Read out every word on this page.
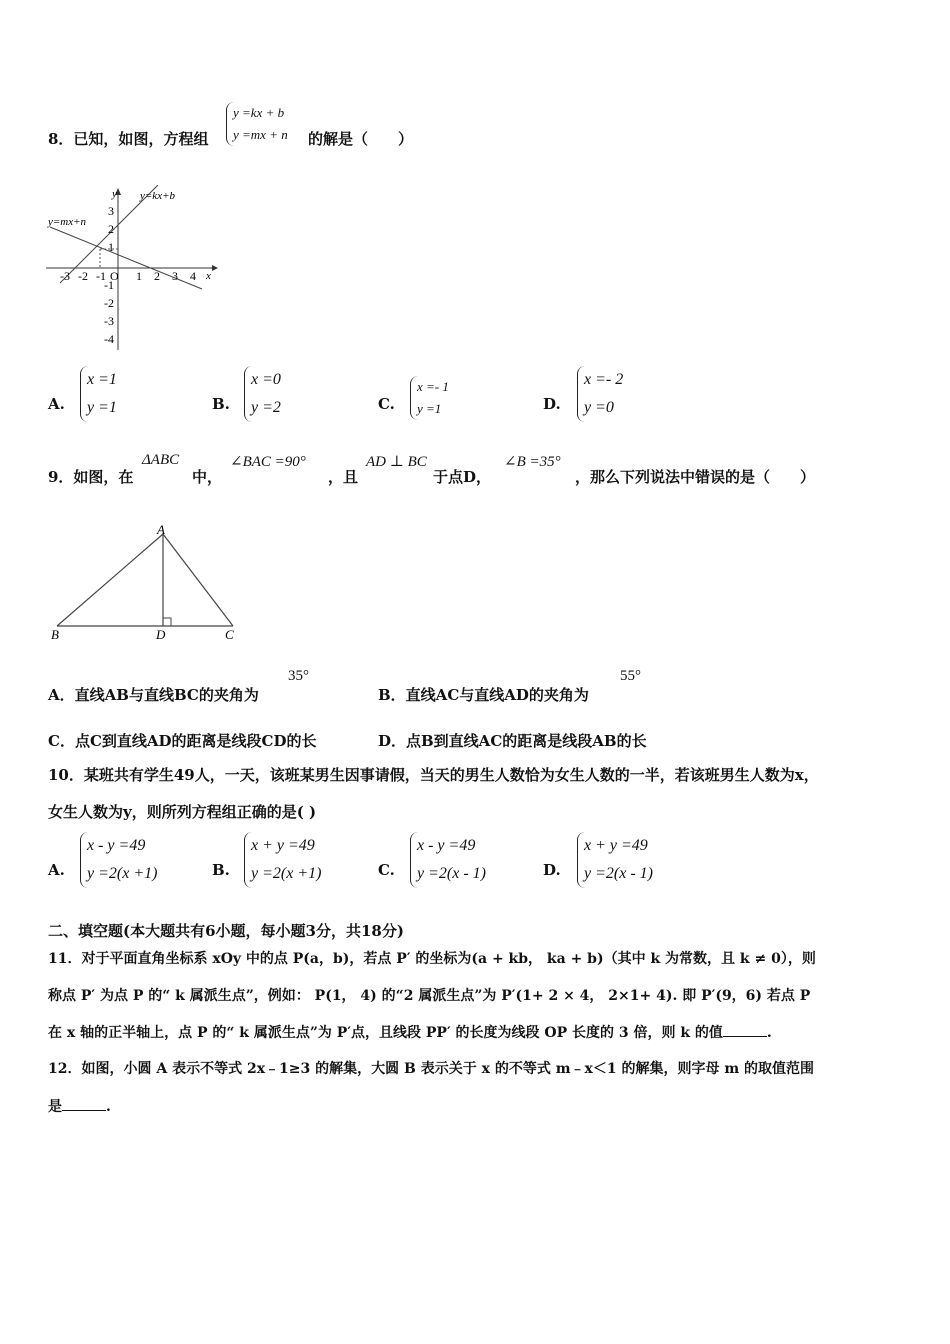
8．已知，如图，方程组
y =kx + b
y =mx + n 的解是（　　）
y=kx+b
y=mx+n
y
x
O
-3 -2 -1	1 2 3 4
3
2
1
-1
-2
-3
-4
A.
x =1
y =1	B.
x =0
y =2	C.
x =- 1
y =1	D.
x =- 2
y =0
9．如图，在
ΔABC
中，
∠BAC =90°
，且
AD ⊥ BC
于点D，
∠B =35°
，那么下列说法中错误的是（　　）
A
B	D	C
A．直线AB与直线BC的夹角为
35°
B．直线AC与直线AD的夹角为
55°
C．点C到直线AD的距离是线段CD的长	D．点B到直线AC的距离是线段AB的长
10．某班共有学生49人，一天，该班某男生因事请假，当天的男生人数恰为女生人数的一半，若该班男生人数为x，
女生人数为y，则所列方程组正确的是( )
A.
x - y =49
y =2(x +1)	B.
x + y =49
y =2(x +1)	C.
x - y =49
y =2(x - 1)	D.
x + y =49
y =2(x - 1)
二、填空题(本大题共有6小题，每小题3分，共18分)
11．对于平面直角坐标系 xOy 中的点 P(a，b)，若点 P′ 的坐标为(a + kb， ka + b)（其中 k 为常数，且 k ≠ 0），则
称点 P′ 为点 P 的“ k 属派生点”，例如： P(1， 4) 的“2 属派生点”为 P′(1+ 2 × 4， 2×1+ 4). 即 P′(9，6) 若点 P
在 x 轴的正半轴上，点 P 的“ k 属派生点”为 P′点，且线段 PP′ 的长度为线段 OP 长度的 3 倍，则 k 的值	.
12．如图，小圆 A 表示不等式 2x﹣1≥3 的解集，大圆 B 表示关于 x 的不等式 m﹣x＜1 的解集，则字母 m 的取值范围
是	.
